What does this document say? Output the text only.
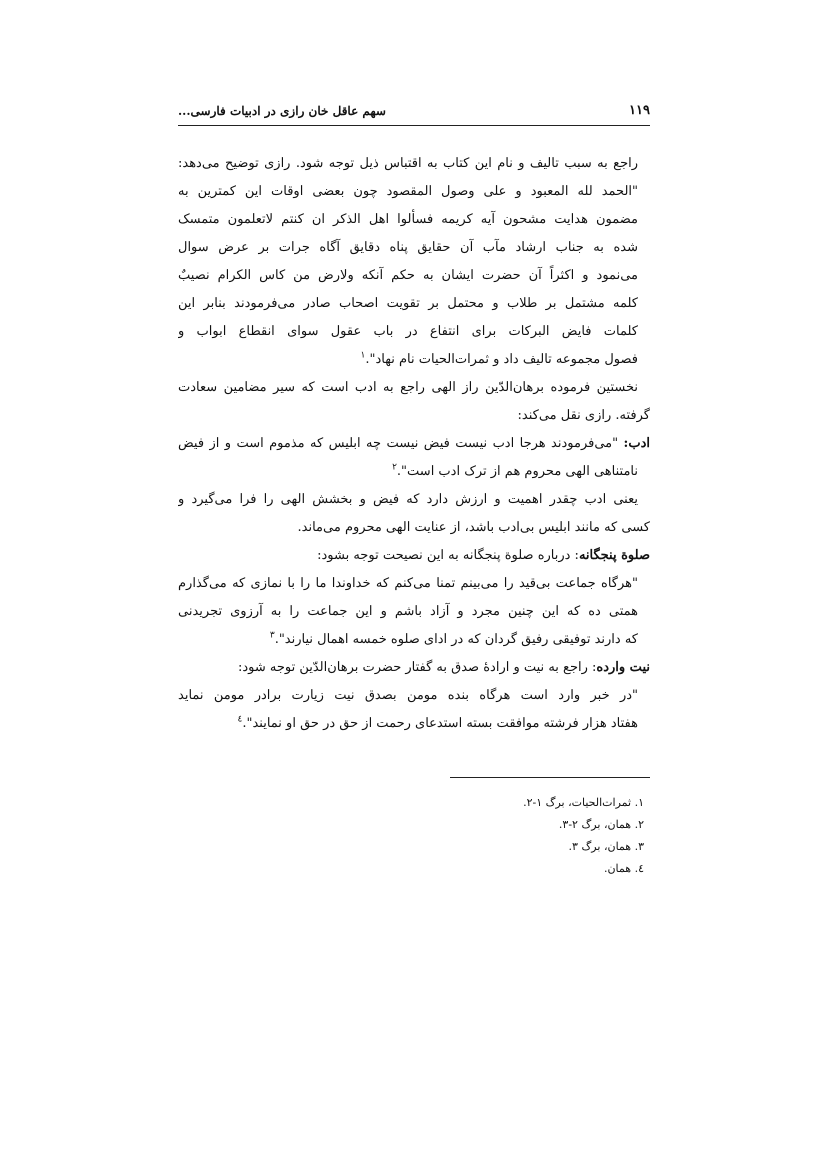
۱۱۹
سهم عاقل خان رازی در ادبیات فارسی...
راجع به سبب تالیف و نام این کتاب به اقتباس ذیل توجه شود. رازی توضیح می‌دهد:
"الحمد لله المعبود و علی وصول المقصود چون بعضی اوقات این کمترین به
مضمون هدایت مشحون آیه کریمه فسألوا اهل الذکر ان کنتم لاتعلمون متمسک
شده به جناب ارشاد مآب آن حقایق پناه دقایق آگاه جرات بر عرض سوال
می‌نمود و اکثراً آن حضرت ایشان به حکم آنکه ولارض من کاس الکرام نصیبٌ
کلمه مشتمل بر طلاب و محتمل بر تقویت اصحاب صادر می‌فرمودند بنابر این
کلمات فایض البرکات برای انتفاع در باب عقول سوای انقطاع ابواب و
فصول مجموعه تالیف داد و ثمرات‌الحیات نام نهاد".$^۱$
نخستین فرموده برهان‌الدّین راز الهی راجع به ادب است که سیر مضامین سعادت
گرفته. رازی نقل می‌کند:
ادب: "می‌فرمودند هرجا ادب نیست فیض نیست چه ابلیس که مذموم است و از فیض
نامتناهی الهی محروم هم از ترک ادب است".$^۲$
یعنی ادب چقدر اهمیت و ارزش دارد که فیض و بخشش الهی را فرا می‌گیرد و
کسی که مانند ابلیس بی‌ادب باشد، از عنایت الهی محروم می‌ماند.
صلوة پنجگانه: درباره صلوة پنجگانه به این نصیحت توجه بشود:
"هرگاه جماعت بی‌قید را می‌بینم تمنا می‌کنم که خداوندا ما را با نمازی که می‌گذارم
همتی ده که این چنین مجرد و آزاد باشم و این جماعت را به آرزوی تجریدنی
که دارند توفیقی رفیق گردان که در ادای صلوه خمسه اهمال نیارند".$^۳$
نیت وارده: راجع به نیت و ارادۀ صدق به گفتار حضرت برهان‌الدّین توجه شود:
"در خبر وارد است هرگاه بنده مومن بصدق نیت زیارت برادر مومن نماید
هفتاد هزار فرشته موافقت بسته استدعای رحمت از حق در حق او نمایند".$^٤$
۱. ثمرات‌الحیات، برگ ۱-۲.
۲. همان، برگ ۲-۳.
۳. همان، برگ ۳.
٤. همان.
